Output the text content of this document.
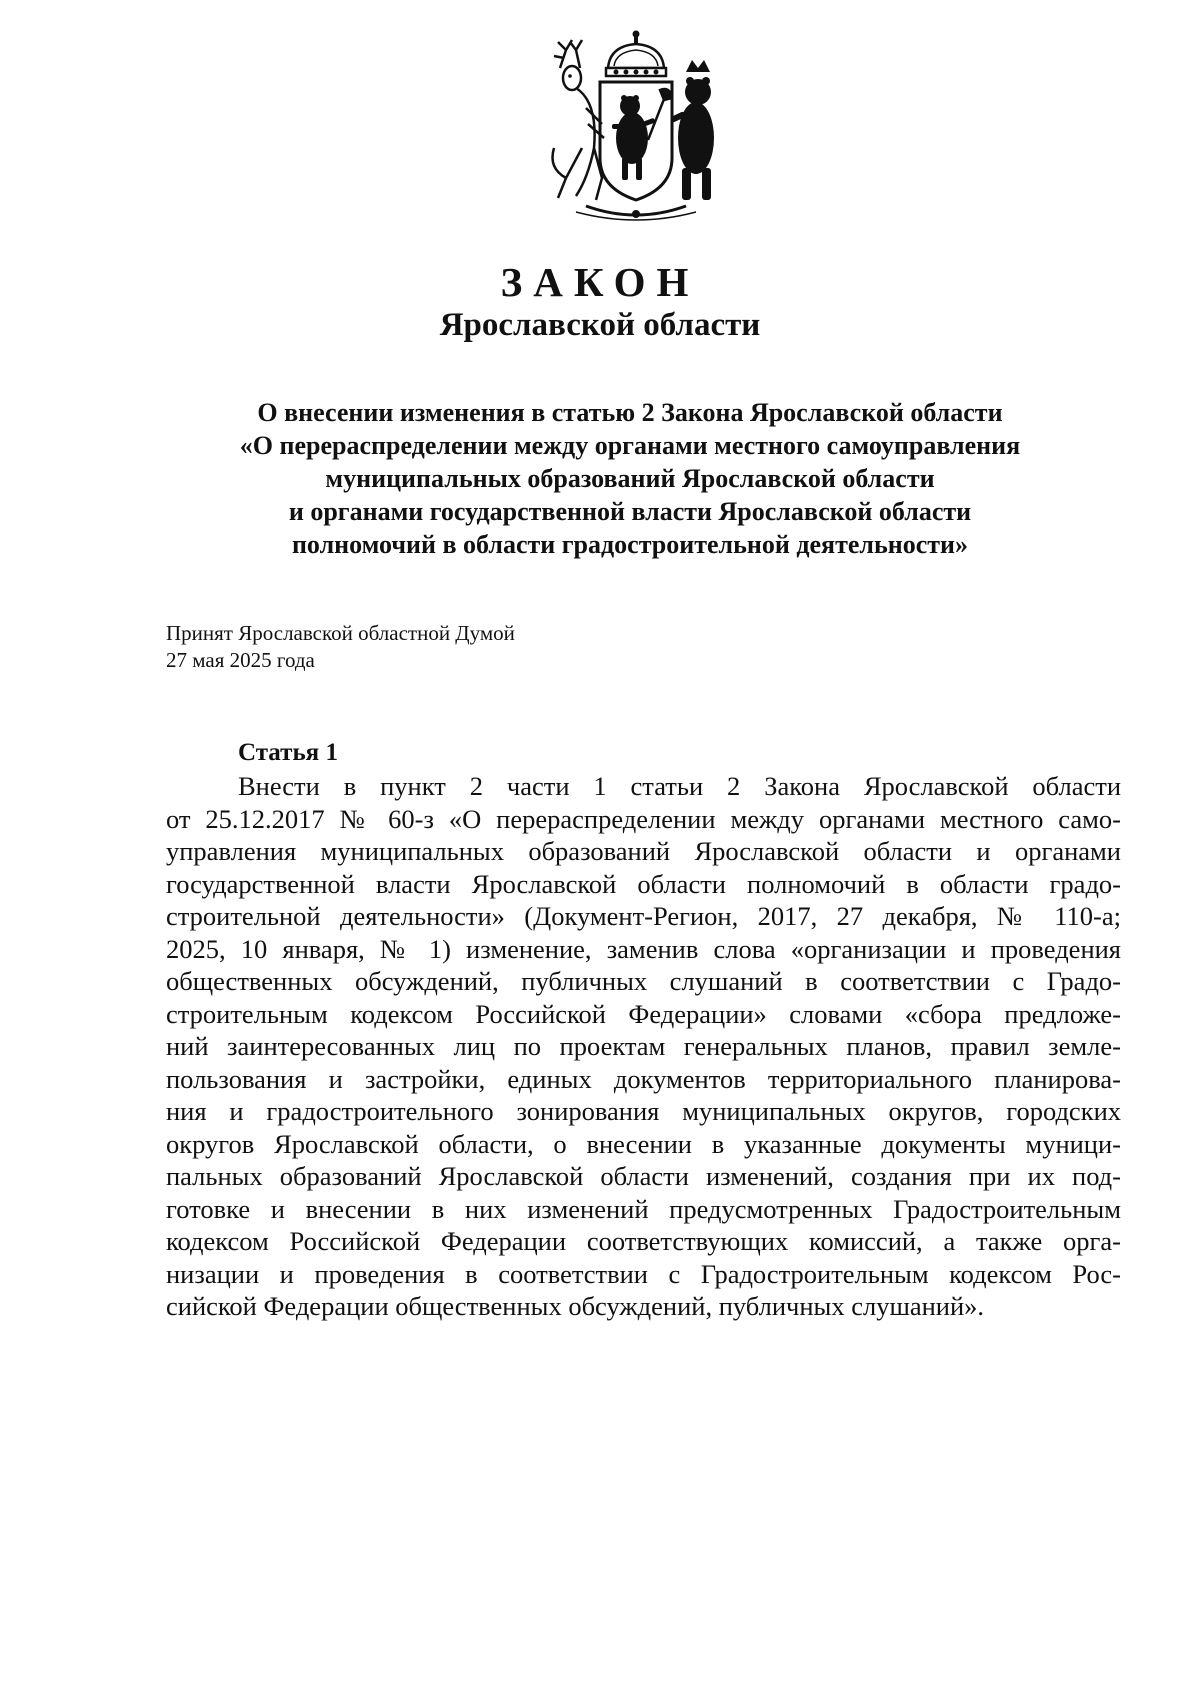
ЗАКОН
Ярославской области
О внесении изменения в статью 2 Закона Ярославской области
«О перераспределении между органами местного самоуправления
муниципальных образований Ярославской области
и органами государственной власти Ярославской области
полномочий в области градостроительной деятельности»
Принят Ярославской областной Думой
27 мая 2025 года
Статья 1
Внести в пункт 2 части 1 статьи 2 Закона Ярославской области
от 25.12.2017 № 60-з «О перераспределении между органами местного само-
управления муниципальных образований Ярославской области и органами
государственной власти Ярославской области полномочий в области градо-
строительной деятельности» (Документ-Регион, 2017, 27 декабря, № 110-а;
2025, 10 января, № 1) изменение, заменив слова «организации и проведения
общественных обсуждений, публичных слушаний в соответствии с Градо-
строительным кодексом Российской Федерации» словами «сбора предложе-
ний заинтересованных лиц по проектам генеральных планов, правил земле-
пользования и застройки, единых документов территориального планирова-
ния и градостроительного зонирования муниципальных округов, городских
округов Ярославской области, о внесении в указанные документы муници-
пальных образований Ярославской области изменений, создания при их под-
готовке и внесении в них изменений предусмотренных Градостроительным
кодексом Российской Федерации соответствующих комиссий, а также орга-
низации и проведения в соответствии с Градостроительным кодексом Рос-
сийской Федерации общественных обсуждений, публичных слушаний».
